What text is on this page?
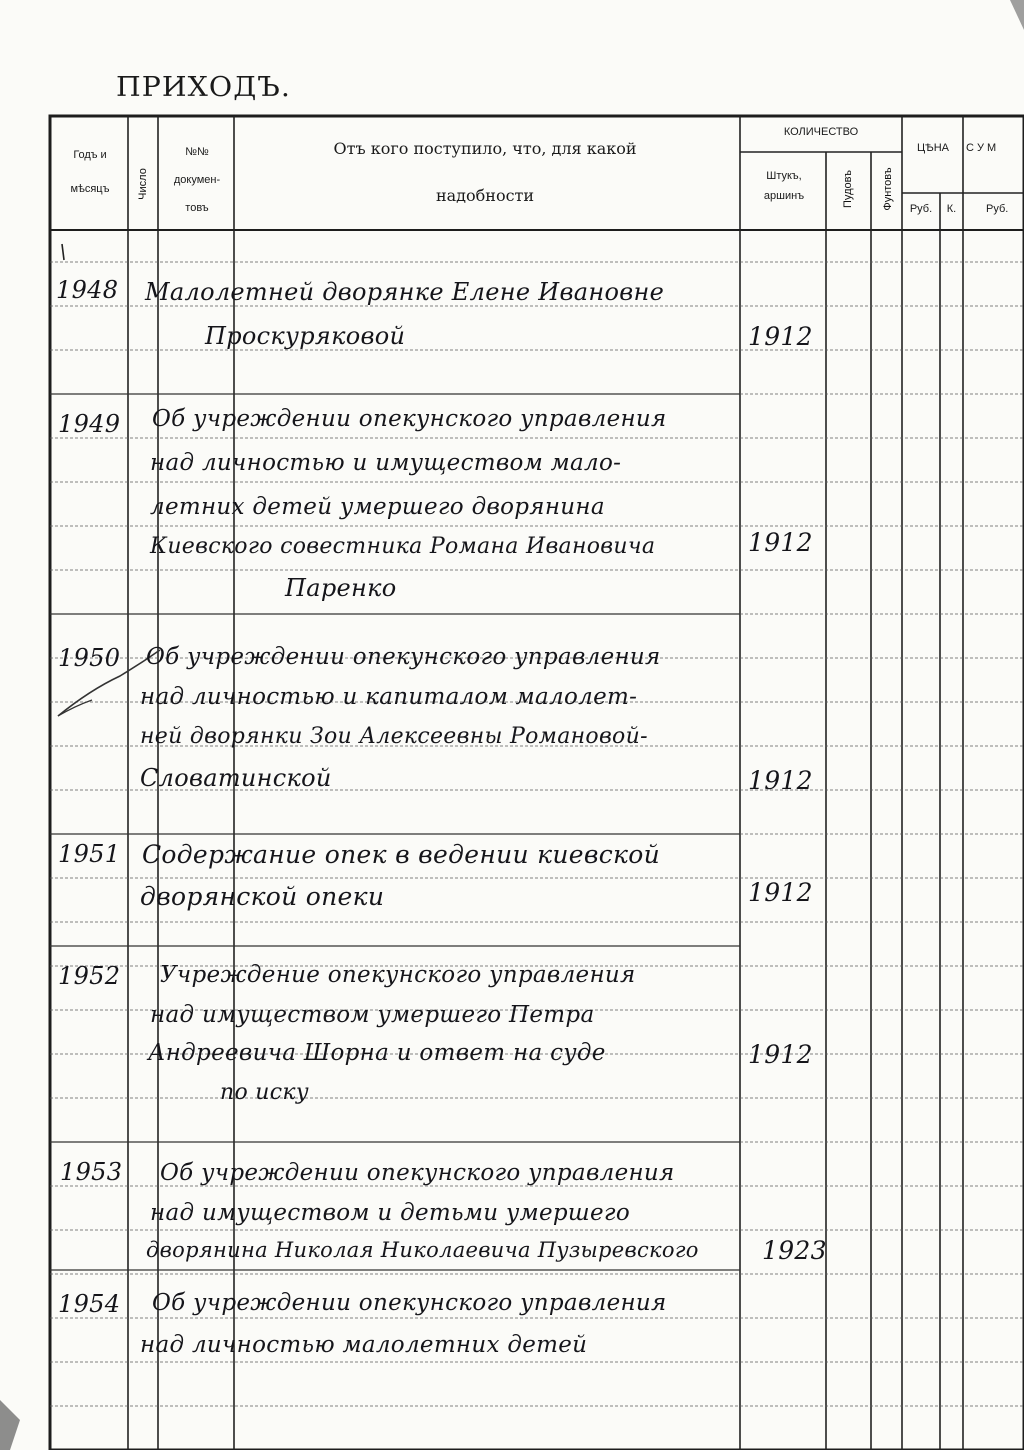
ПРИХОДЪ.
Годъ и мѣсяцъ	Число
№№ докумен- товъ
Отъ кого поступило, что, для какой
надобности
КОЛИЧЕСТВО
Штукъ, аршинъ	Пудовъ	Фунтовъ
ЦѢНА
Руб.	К.
С У М
Руб.
1948 Малолетней дворянке Елене Ивановне
Проскуряковой	1912
1949 Об учреждении опекунского управления
над личностью и имуществом мало-
летних детей умершего дворянина
Киевского совестника Романа Ивановича
Паренко
1912
1950 Об учреждении опекунского управления
над личностью и капиталом малолет-
ней дворянки Зои Алексеевны Романовой-
Словатинской	1912
1951 Содержание опек в ведении киевской
дворянской опеки	1912
1952 Учреждение опекунского управления
над имуществом умершего Петра
Андреевича Шорна и ответ на суде
по иску
1912
1953 Об учреждении опекунского управления
над имуществом и детьми умершего
дворянина Николая Николаевича Пузыревского	1923
1954 Об учреждении опекунского управления
над личностью малолетних детей
